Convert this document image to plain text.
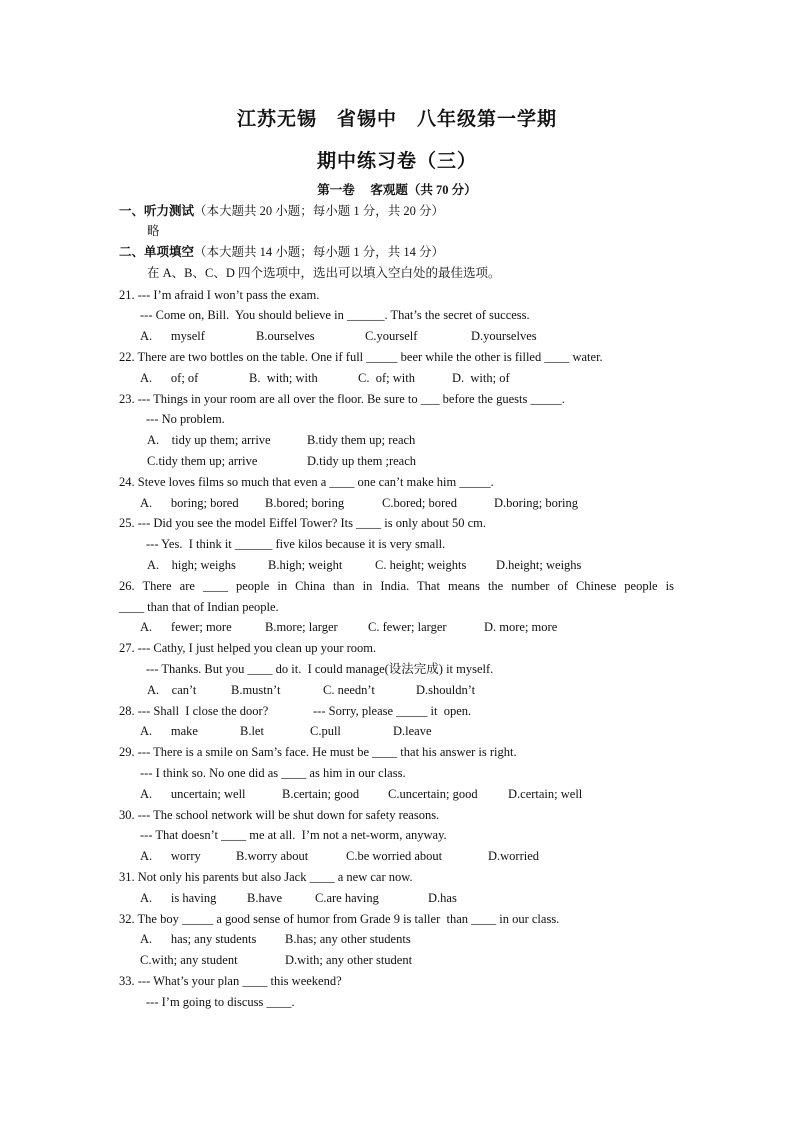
江苏无锡　省锡中　八年级第一学期
期中练习卷（三）
第一卷　 客观题（共 70 分）
一、听力测试（本大题共 20 小题；每小题 1 分，共 20 分）
略
二、单项填空（本大题共 14 小题；每小题 1 分，共 14 分）
在 A、B、C、D 四个选项中，选出可以填入空白处的最佳选项。
21. --- I’m afraid I won’t pass the exam.
--- Come on, Bill.  You should believe in ______. That’s the secret of success.
A.      myself	B.ourselves	C.yourself	D.yourselves
22. There are two bottles on the table. One if full _____ beer while the other is filled ____ water.
A.      of; of	B.  with; with	C.  of; with	D.  with; of
23. --- Things in your room are all over the floor. Be sure to ___ before the guests _____.
--- No problem.
A.    tidy up them; arrive	B.tidy them up; reach
C.tidy them up; arrive	D.tidy up them ;reach
24. Steve loves films so much that even a ____ one can’t make him _____.
A.      boring; bored B.bored; boring	C.bored; bored	D.boring; boring
25. --- Did you see the model Eiffel Tower? Its ____ is only about 50 cm.
--- Yes.  I think it ______ five kilos because it is very small.
A.    high; weighs	B.high; weight	C. height; weights D.height; weighs
26. There are ____ people in China than in India. That means the number of Chinese people is
____ than that of Indian people.
A.      fewer; more	B.more; larger C. fewer; larger	D. more; more
27. --- Cathy, I just helped you clean up your room.
--- Thanks. But you ____ do it.  I could manage(设法完成) it myself.
A.    can’t	B.mustn’t	C. needn’t	D.shouldn’t
28. --- Shall  I close the door?	--- Sorry, please _____ it  open.
A.      make	B.let	C.pull	D.leave
29. --- There is a smile on Sam’s face. He must be ____ that his answer is right.
--- I think so. No one did as ____ as him in our class.
A.      uncertain; well	B.certain; good C.uncertain; good D.certain; well
30. --- The school network will be shut down for safety reasons.
--- That doesn’t ____ me at all.  I’m not a net-worm, anyway.
A.      worry	B.worry about	C.be worried about	D.worried
31. Not only his parents but also Jack ____ a new car now.
A.      is having B.have	C.are having	D.has
32. The boy _____ a good sense of humor from Grade 9 is taller  than ____ in our class.
A.      has; any students B.has; any other students
C.with; any student	D.with; any other student
33. --- What’s your plan ____ this weekend?
--- I’m going to discuss ____.
